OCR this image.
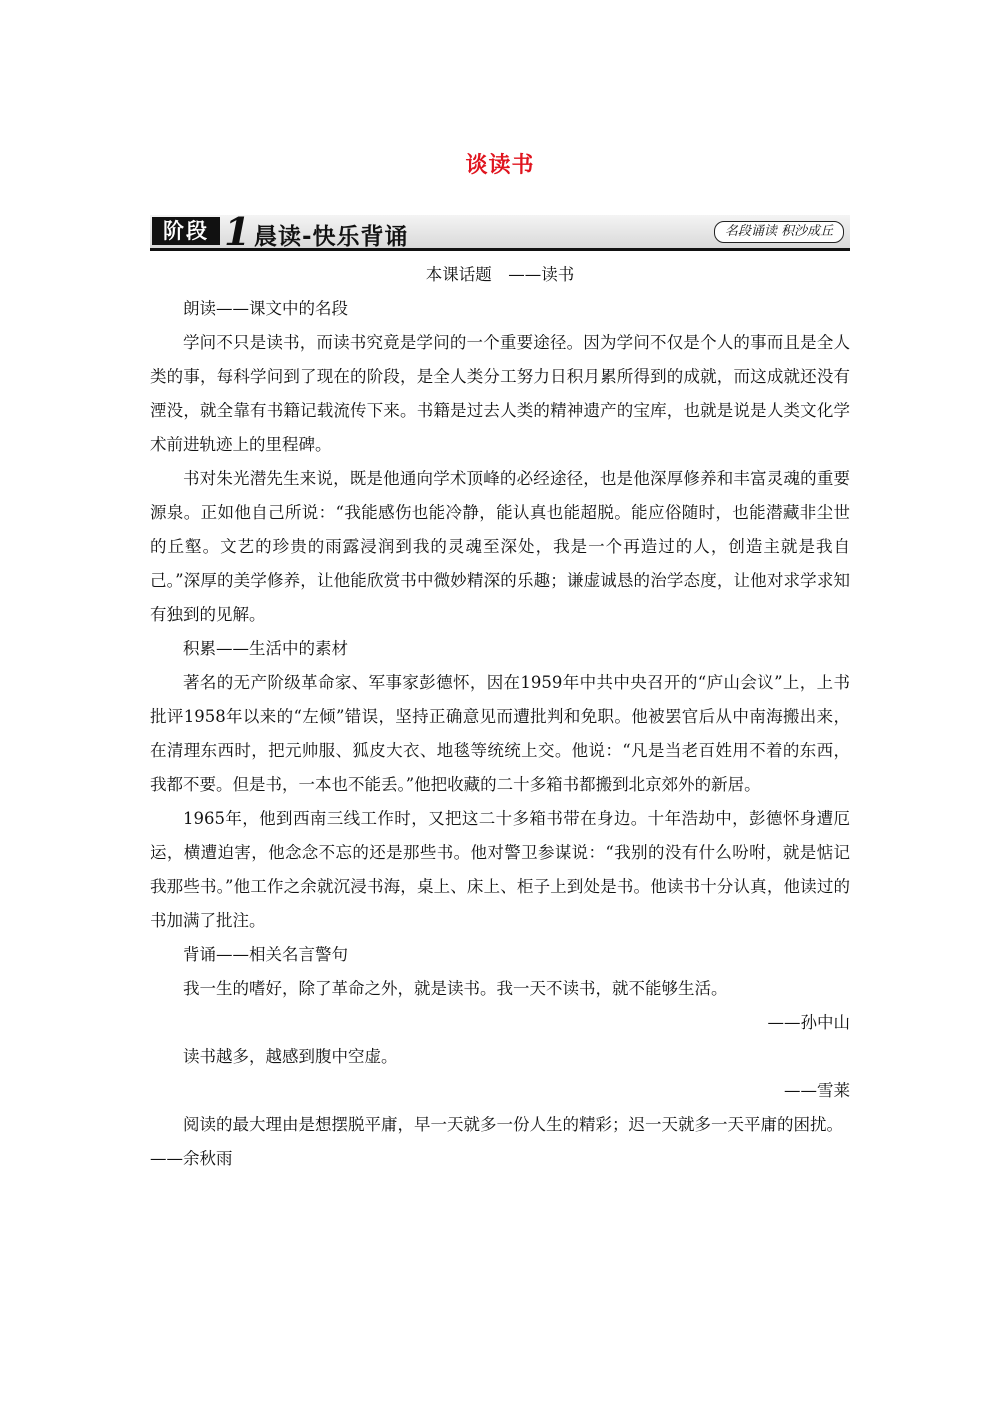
谈读书
阶段 1 晨读-快乐背诵	名段诵读 积沙成丘

本课话题　——读书

朗读——课文中的名段

学问不只是读书，而读书究竟是学问的一个重要途径。因为学问不仅是个人的事而且是全人类的事，每科学问到了现在的阶段，是全人类分工努力日积月累所得到的成就，而这成就还没有湮没，就全靠有书籍记载流传下来。书籍是过去人类的精神遗产的宝库，也就是说是人类文化学术前进轨迹上的里程碑。

书对朱光潜先生来说，既是他通向学术顶峰的必经途径，也是他深厚修养和丰富灵魂的重要源泉。正如他自己所说：“我能感伤也能冷静，能认真也能超脱。能应俗随时，也能潜藏非尘世的丘壑。文艺的珍贵的雨露浸润到我的灵魂至深处，我是一个再造过的人，创造主就是我自己。”深厚的美学修养，让他能欣赏书中微妙精深的乐趣；谦虚诚恳的治学态度，让他对求学求知有独到的见解。

积累——生活中的素材

著名的无产阶级革命家、军事家彭德怀，因在1959年中共中央召开的“庐山会议”上，上书批评1958年以来的“左倾”错误，坚持正确意见而遭批判和免职。他被罢官后从中南海搬出来，在清理东西时，把元帅服、狐皮大衣、地毯等统统上交。他说：“凡是当老百姓用不着的东西，我都不要。但是书，一本也不能丢。”他把收藏的二十多箱书都搬到北京郊外的新居。

1965年，他到西南三线工作时，又把这二十多箱书带在身边。十年浩劫中，彭德怀身遭厄运，横遭迫害，他念念不忘的还是那些书。他对警卫参谋说：“我别的没有什么吩咐，就是惦记我那些书。”他工作之余就沉浸书海，桌上、床上、柜子上到处是书。他读书十分认真，他读过的书加满了批注。

背诵——相关名言警句

我一生的嗜好，除了革命之外，就是读书。我一天不读书，就不能够生活。

——孙中山

读书越多，越感到腹中空虚。

——雪莱

阅读的最大理由是想摆脱平庸，早一天就多一份人生的精彩；迟一天就多一天平庸的困扰。

——余秋雨
